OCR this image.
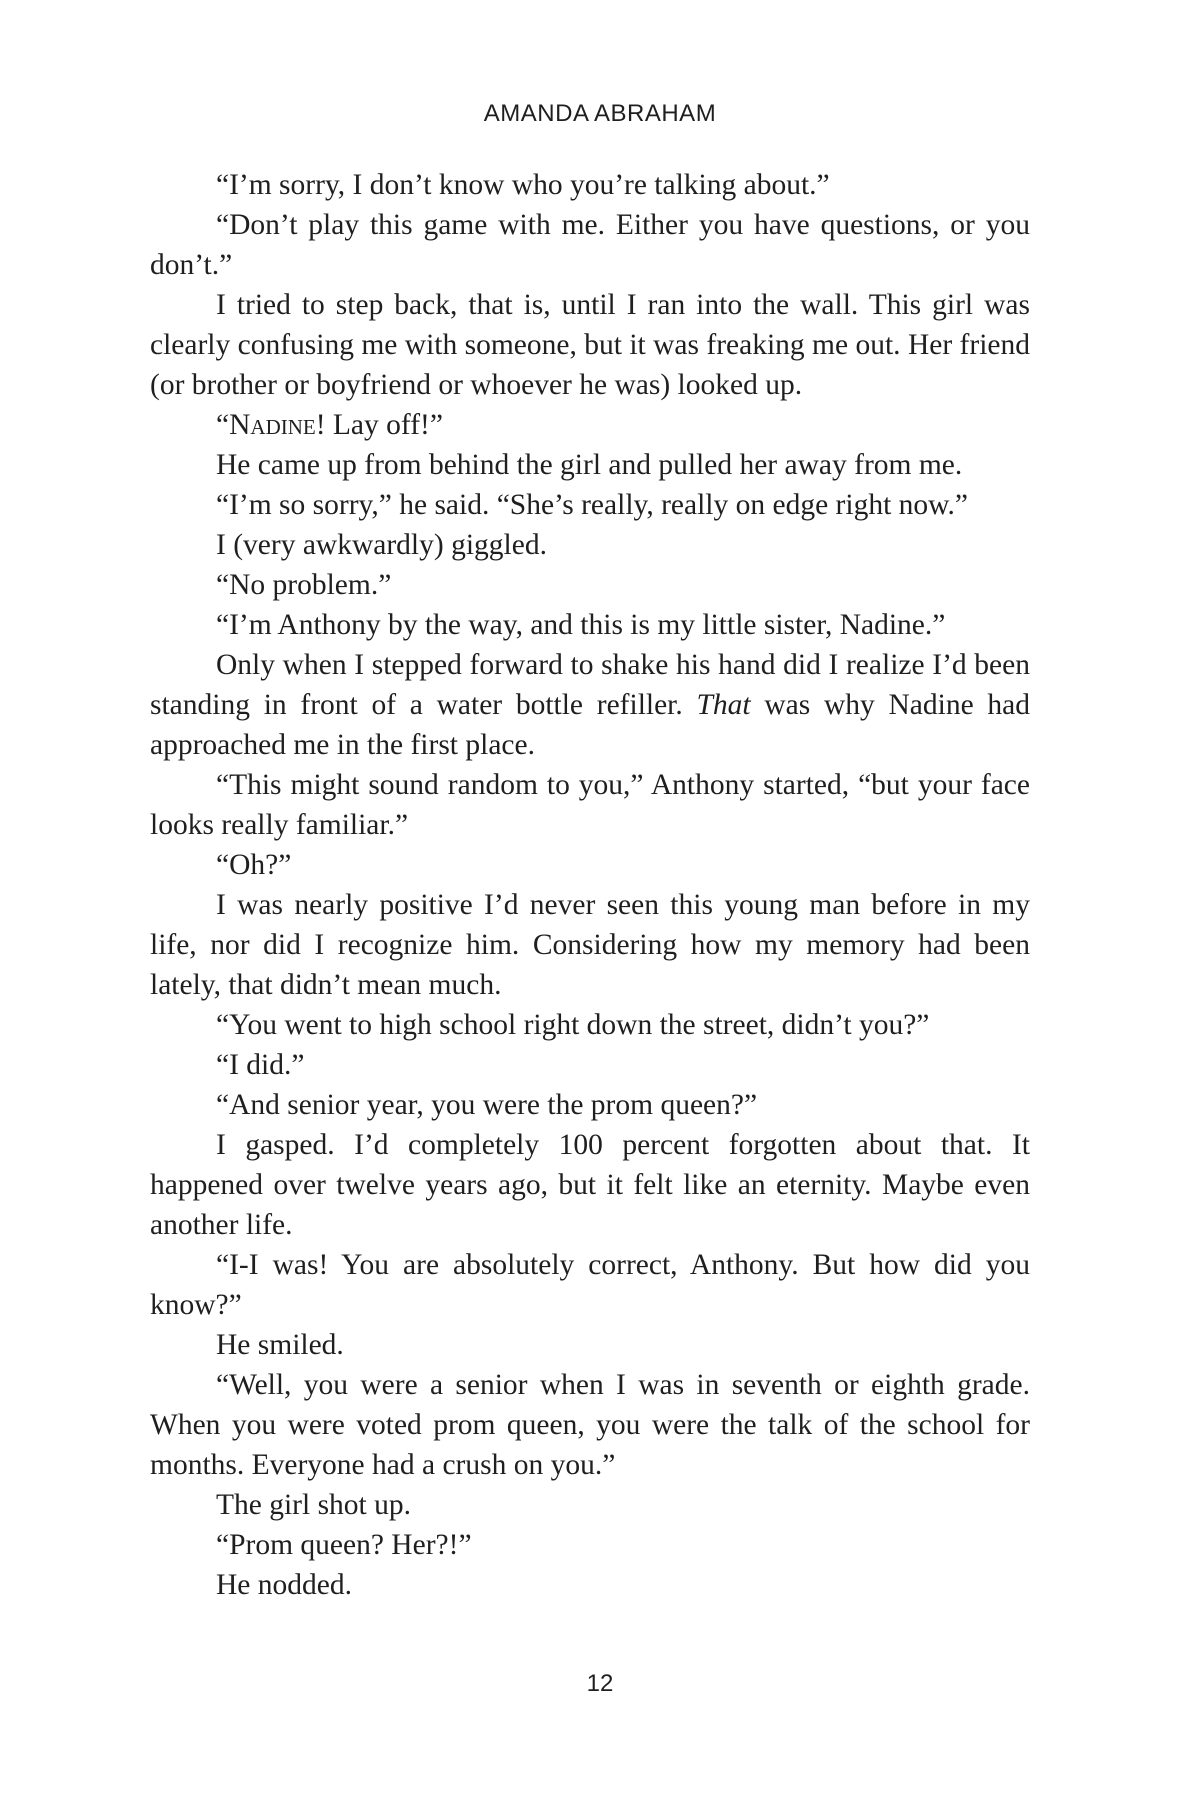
AMANDA ABRAHAM

“I’m sorry, I don’t know who you’re talking about.”

“Don’t play this game with me. Either you have questions, or you don’t.”

I tried to step back, that is, until I ran into the wall. This girl was clearly confusing me with someone, but it was freaking me out. Her friend (or brother or boyfriend or whoever he was) looked up.

“Nadine! Lay off!”

He came up from behind the girl and pulled her away from me.

“I’m so sorry,” he said. “She’s really, really on edge right now.”

I (very awkwardly) giggled.

“No problem.”

“I’m Anthony by the way, and this is my little sister, Nadine.”

Only when I stepped forward to shake his hand did I realize I’d been standing in front of a water bottle refiller. That was why Nadine had approached me in the first place.

“This might sound random to you,” Anthony started, “but your face looks really familiar.”

“Oh?”

I was nearly positive I’d never seen this young man before in my life, nor did I recognize him. Considering how my memory had been lately, that didn’t mean much.

“You went to high school right down the street, didn’t you?”

“I did.”

“And senior year, you were the prom queen?”

I gasped. I’d completely 100 percent forgotten about that. It happened over twelve years ago, but it felt like an eternity. Maybe even another life.

“I-I was! You are absolutely correct, Anthony. But how did you know?”

He smiled.

“Well, you were a senior when I was in seventh or eighth grade. When you were voted prom queen, you were the talk of the school for months. Everyone had a crush on you.”

The girl shot up.

“Prom queen? Her?!”

He nodded.

12
